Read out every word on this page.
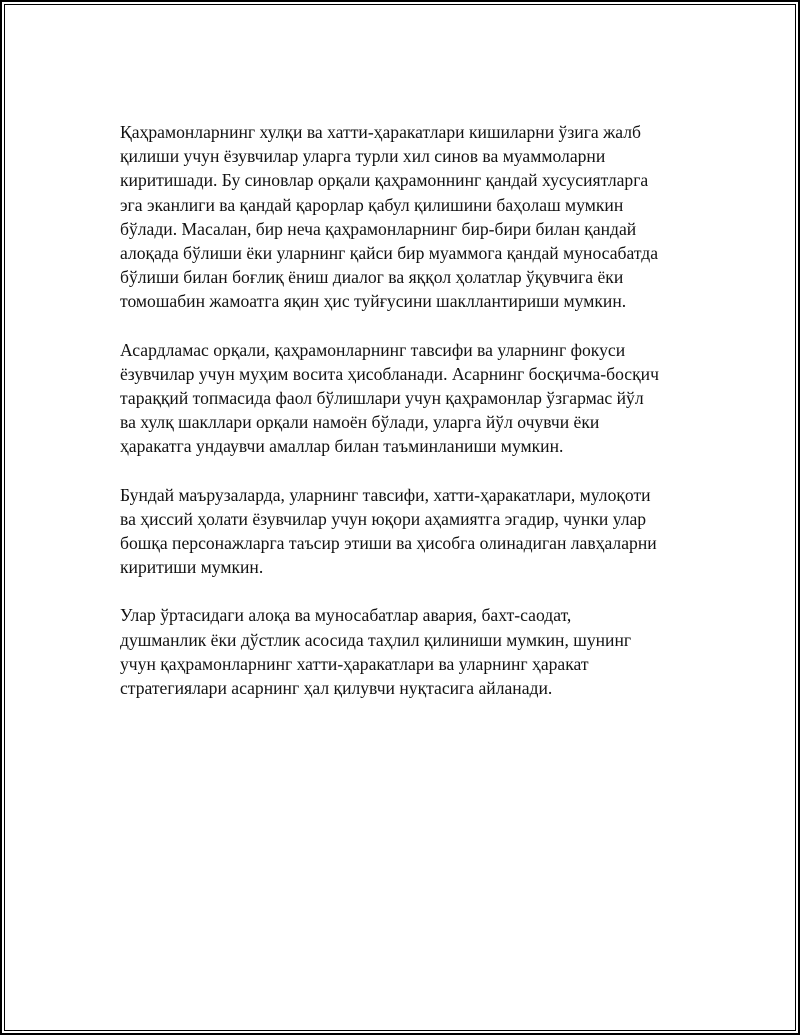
Қаҳрамонларнинг хулқи ва хатти-ҳаракатлари кишиларни ўзига жалб
қилиши учун ёзувчилар уларга турли хил синов ва муаммоларни
киритишади. Бу синовлар орқали қаҳрамоннинг қандай хусусиятларга
эга эканлиги ва қандай қарорлар қабул қилишини баҳолаш мумкин
бўлади. Масалан, бир неча қаҳрамонларнинг бир-бири билан қандай
алоқада бўлиши ёки уларнинг қайси бир муаммога қандай муносабатда
бўлиши билан боғлиқ ёниш диалог ва яққол ҳолатлар ўқувчига ёки
томошабин жамоатга яқин ҳис туйғусини шакллантириши мумкин.

Асардламас орқали, қаҳрамонларнинг тавсифи ва уларнинг фокуси
ёзувчилар учун муҳим восита ҳисобланади. Асарнинг босқичма-босқич
тараққий топмасида фаол бўлишлари учун қаҳрамонлар ўзгармас йўл
ва хулқ шакллари орқали намоён бўлади, уларга йўл очувчи ёки
ҳаракатга ундаувчи амаллар билан таъминланиши мумкин.

Бундай маърузаларда, уларнинг тавсифи, хатти-ҳаракатлари, мулоқоти
ва ҳиссий ҳолати ёзувчилар учун юқори аҳамиятга эгадир, чунки улар
бошқа персонажларга таъсир этиши ва ҳисобга олинадиган лавҳаларни
киритиши мумкин.

Улар ўртасидаги алоқа ва муносабатлар авария, бахт-саодат,
душманлик ёки дўстлик асосида таҳлил қилиниши мумкин, шунинг
учун қаҳрамонларнинг хатти-ҳаракатлари ва уларнинг ҳаракат
стратегиялари асарнинг ҳал қилувчи нуқтасига айланади.
